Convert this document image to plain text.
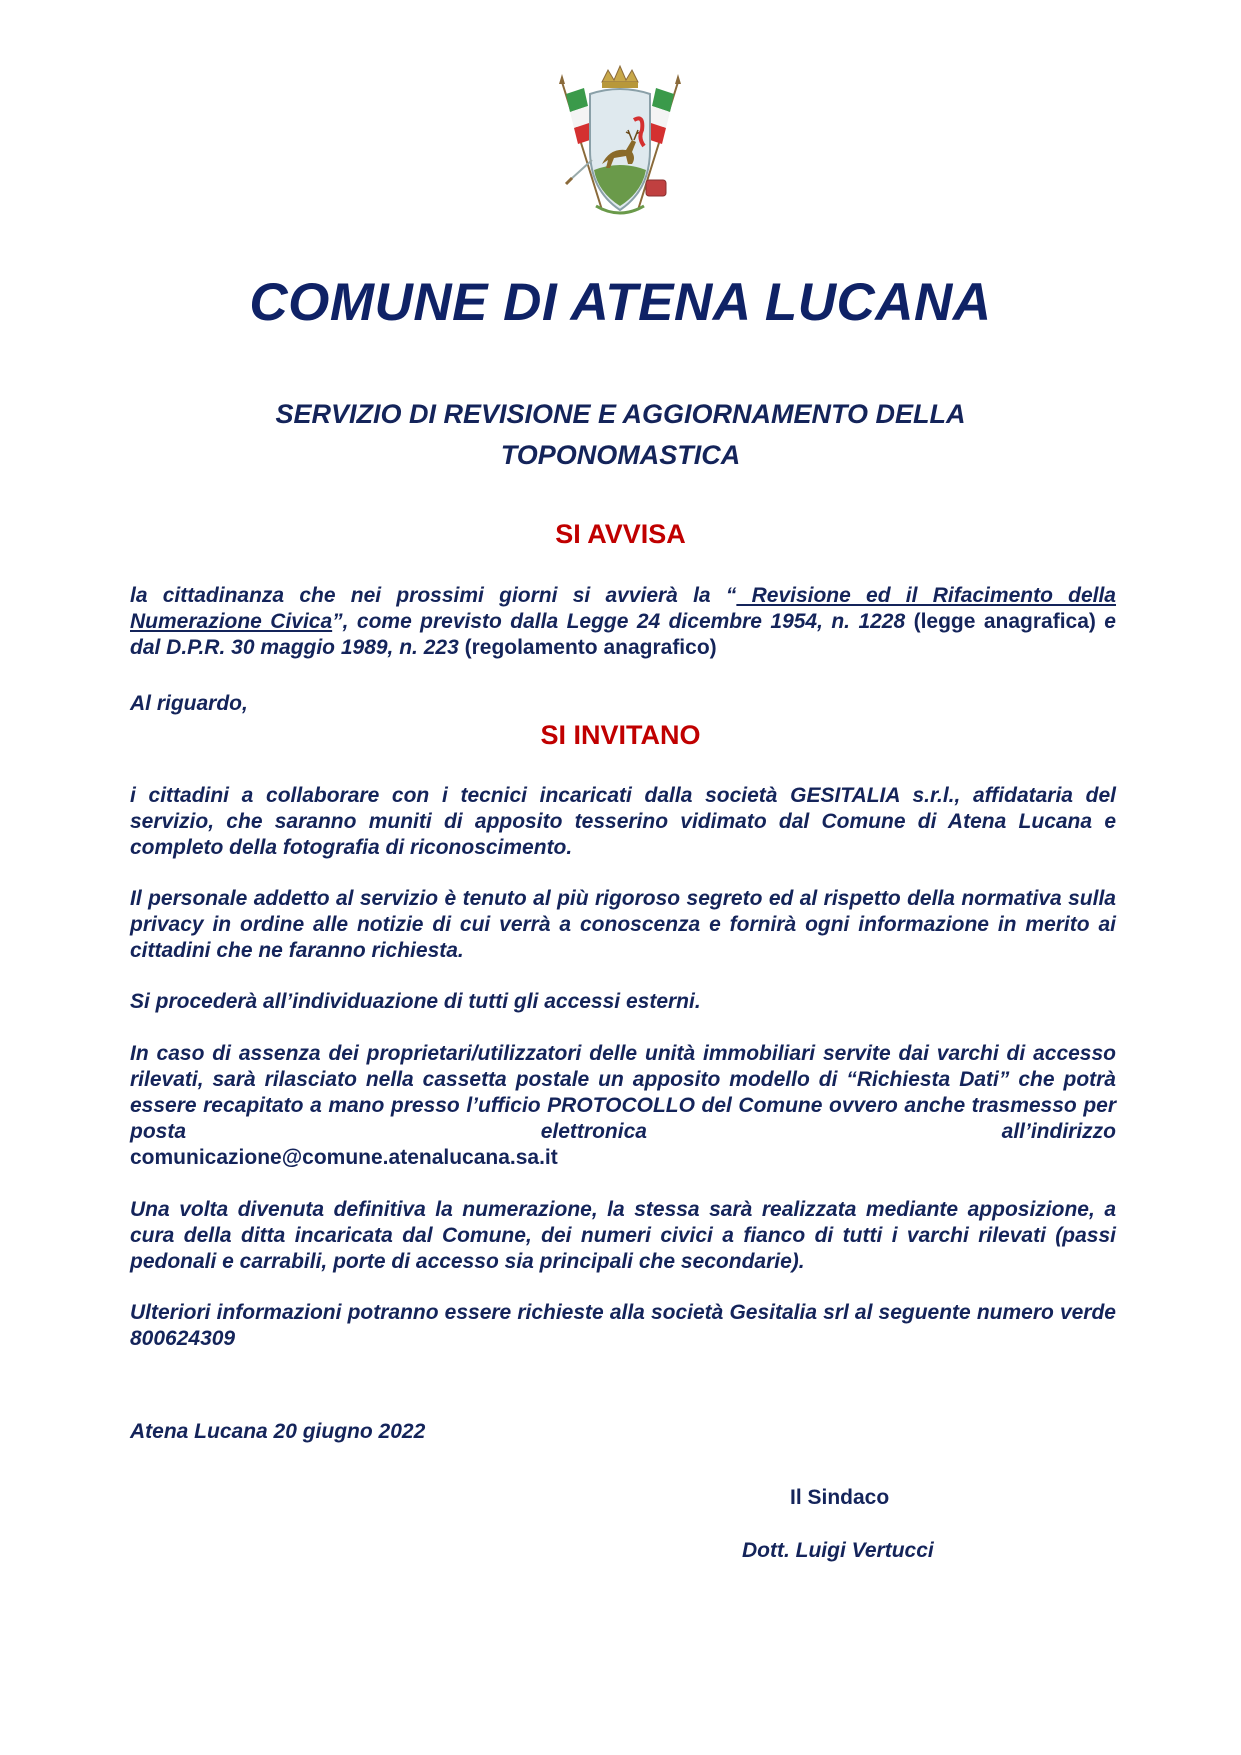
COMUNE DI ATENA LUCANA
SERVIZIO DI REVISIONE E AGGIORNAMENTO DELLA
TOPONOMASTICA
SI AVVISA
la cittadinanza che nei prossimi giorni si avvierà la “ Revisione ed il Rifacimento della Numerazione Civica”, come previsto dalla Legge 24 dicembre 1954, n. 1228 (legge anagrafica) e dal D.P.R. 30 maggio 1989, n. 223 (regolamento anagrafico)
Al riguardo,
SI INVITANO
i cittadini a collaborare con i tecnici incaricati dalla società GESITALIA s.r.l., affidataria del servizio, che saranno muniti di apposito tesserino vidimato dal Comune di Atena Lucana e completo della fotografia di riconoscimento.
Il personale addetto al servizio è tenuto al più rigoroso segreto ed al rispetto della normativa sulla privacy in ordine alle notizie di cui verrà a conoscenza e fornirà ogni informazione in merito ai cittadini che ne faranno richiesta.
Si procederà all’individuazione di tutti gli accessi esterni.
In caso di assenza dei proprietari/utilizzatori delle unità immobiliari servite dai varchi di accesso rilevati, sarà rilasciato nella cassetta postale un apposito modello di “Richiesta Dati” che potrà essere recapitato a mano presso l’ufficio PROTOCOLLO del Comune ovvero anche trasmesso per posta elettronica all’indirizzo
comunicazione@comune.atenalucana.sa.it
Una volta divenuta definitiva la numerazione, la stessa sarà realizzata mediante apposizione, a cura della ditta incaricata dal Comune, dei numeri civici a fianco di tutti i varchi rilevati (passi pedonali e carrabili, porte di accesso sia principali che secondarie).
Ulteriori informazioni potranno essere richieste alla società Gesitalia srl al seguente numero verde 800624309
Atena Lucana 20 giugno 2022
Il Sindaco
Dott. Luigi Vertucci
